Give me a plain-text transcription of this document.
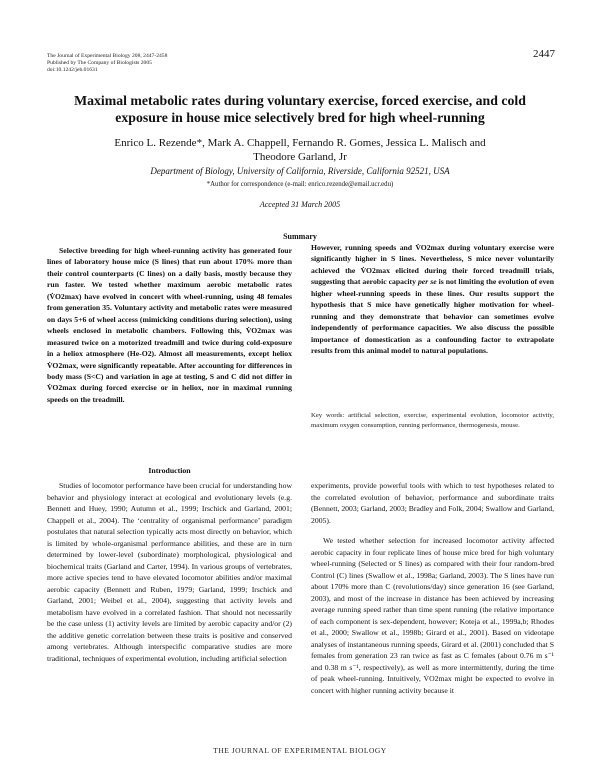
The Journal of Experimental Biology 208, 2447-2458
Published by The Company of Biologists 2005
doi:10.1242/jeb.01631
2447
Maximal metabolic rates during voluntary exercise, forced exercise, and cold exposure in house mice selectively bred for high wheel-running
Enrico L. Rezende*, Mark A. Chappell, Fernando R. Gomes, Jessica L. Malisch and
Theodore Garland, Jr
Department of Biology, University of California, Riverside, California 92521, USA
*Author for correspondence (e-mail: enrico.rezende@email.ucr.edu)
Accepted 31 March 2005
Summary

Selective breeding for high wheel-running activity has generated four lines of laboratory house mice (S lines) that run about 170% more than their control counterparts (C lines) on a daily basis, mostly because they run faster. We tested whether maximum aerobic metabolic rates (V̇O2max) have evolved in concert with wheel-running, using 48 females from generation 35. Voluntary activity and metabolic rates were measured on days 5+6 of wheel access (mimicking conditions during selection), using wheels enclosed in metabolic chambers. Following this, V̇O2max was measured twice on a motorized treadmill and twice during cold-exposure in a heliox atmosphere (He-O2). Almost all measurements, except heliox V̇O2max, were significantly repeatable. After accounting for differences in body mass (S<C) and variation in age at testing, S and C did not differ in V̇O2max during forced exercise or in heliox, nor in maximal running speeds on the treadmill.

However, running speeds and V̇O2max during voluntary exercise were significantly higher in S lines. Nevertheless, S mice never voluntarily achieved the V̇O2max elicited during their forced treadmill trials, suggesting that aerobic capacity per se is not limiting the evolution of even higher wheel-running speeds in these lines. Our results support the hypothesis that S mice have genetically higher motivation for wheel-running and they demonstrate that behavior can sometimes evolve independently of performance capacities. We also discuss the possible importance of domestication as a confounding factor to extrapolate results from this animal model to natural populations.

Key words: artificial selection, exercise, experimental evolution, locomotor activity, maximum oxygen consumption, running performance, thermogenesis, mouse.
Introduction
Studies of locomotor performance have been crucial for understanding how behavior and physiology interact at ecological and evolutionary levels (e.g. Bennett and Huey, 1990; Autumn et al., 1999; Irschick and Garland, 2001; Chappell et al., 2004). The ‘centrality of organismal performance’ paradigm postulates that natural selection typically acts most directly on behavior, which is limited by whole-organismal performance abilities, and these are in turn determined by lower-level (subordinate) morphological, physiological and biochemical traits (Garland and Carter, 1994). In various groups of vertebrates, more active species tend to have elevated locomotor abilities and/or maximal aerobic capacity (Bennett and Ruben, 1979; Garland, 1999; Irschick and Garland, 2001; Weibel et al., 2004), suggesting that activity levels and metabolism have evolved in a correlated fashion. That should not necessarily be the case unless (1) activity levels are limited by aerobic capacity and/or (2) the additive genetic correlation between these traits is positive and conserved among vertebrates. Although interspecific comparative studies are more traditional, techniques of experimental evolution, including artificial selection

experiments, provide powerful tools with which to test hypotheses related to the correlated evolution of behavior, performance and subordinate traits (Bennett, 2003; Garland, 2003; Bradley and Folk, 2004; Swallow and Garland, 2005).

We tested whether selection for increased locomotor activity affected aerobic capacity in four replicate lines of house mice bred for high voluntary wheel-running (Selected or S lines) as compared with their four random-bred Control (C) lines (Swallow et al., 1998a; Garland, 2003). The S lines have run about 170% more than C (revolutions/day) since generation 16 (see Garland, 2003), and most of the increase in distance has been achieved by increasing average running speed rather than time spent running (the relative importance of each component is sex-dependent, however; Koteja et al., 1999a,b; Rhodes et al., 2000; Swallow et al., 1998b; Girard et al., 2001). Based on videotape analyses of instantaneous running speeds, Girard et al. (2001) concluded that S females from generation 23 ran twice as fast as C females (about 0.76 m s⁻¹ and 0.38 m s⁻¹, respectively), as well as more intermittently, during the time of peak wheel-running. Intuitively, V̇O2max might be expected to evolve in concert with higher running activity because it

THE JOURNAL OF EXPERIMENTAL BIOLOGY
